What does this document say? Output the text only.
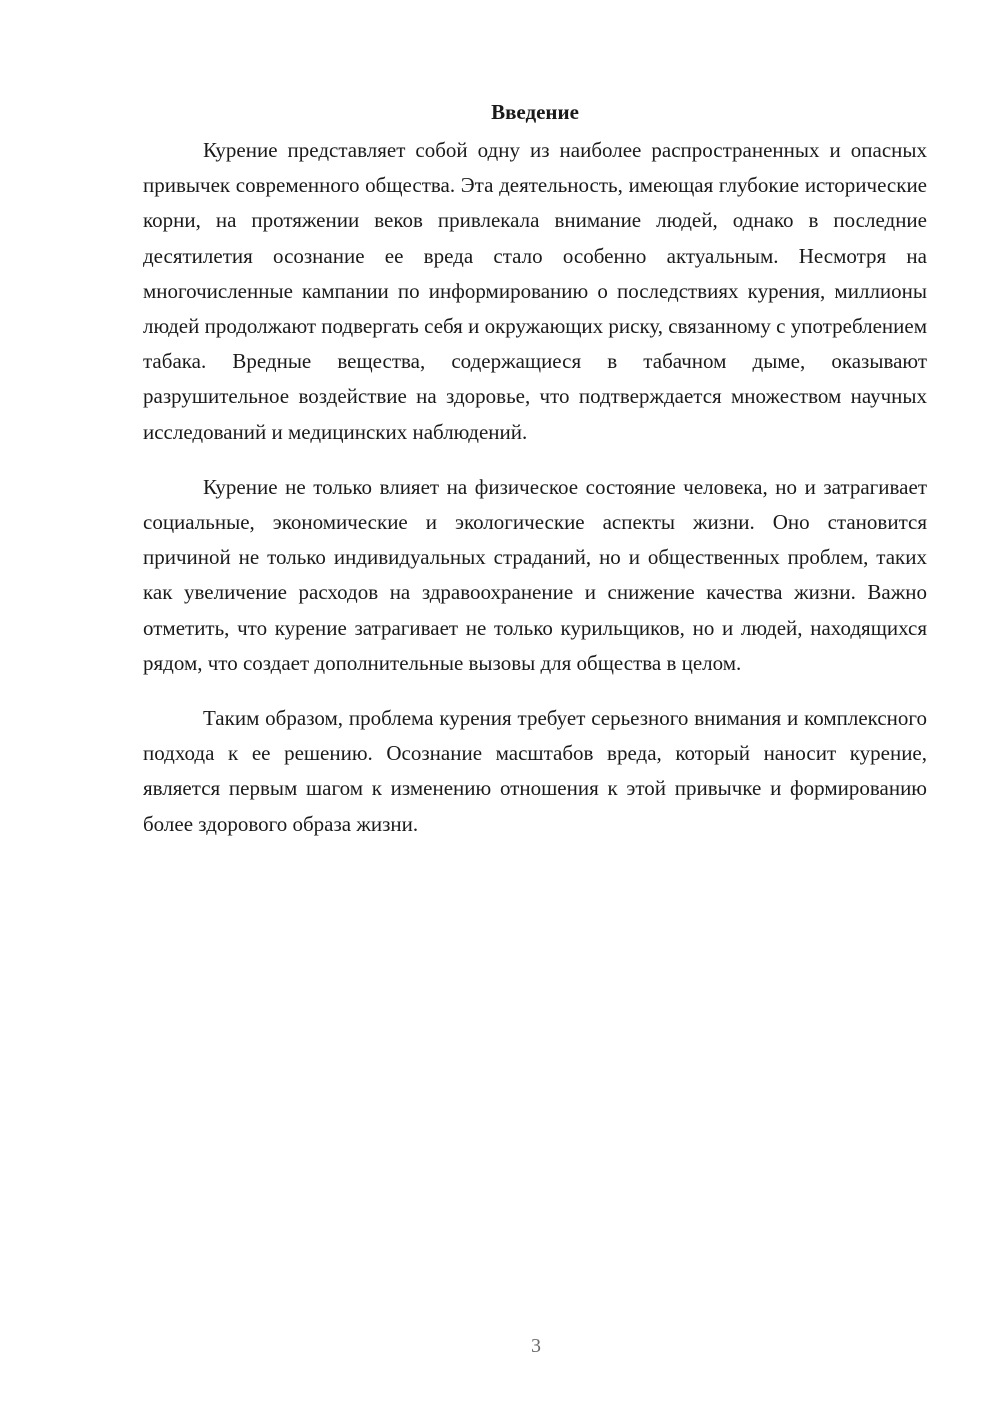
Введение

Курение представляет собой одну из наиболее распространенных и опасных привычек современного общества. Эта деятельность, имеющая глубокие исторические корни, на протяжении веков привлекала внимание людей, однако в последние десятилетия осознание ее вреда стало особенно актуальным. Несмотря на многочисленные кампании по информированию о последствиях курения, миллионы людей продолжают подвергать себя и окружающих риску, связанному с употреблением табака. Вредные вещества, содержащиеся в табачном дыме, оказывают разрушительное воздействие на здоровье, что подтверждается множеством научных исследований и медицинских наблюдений.

Курение не только влияет на физическое состояние человека, но и затрагивает социальные, экономические и экологические аспекты жизни. Оно становится причиной не только индивидуальных страданий, но и общественных проблем, таких как увеличение расходов на здравоохранение и снижение качества жизни. Важно отметить, что курение затрагивает не только курильщиков, но и людей, находящихся рядом, что создает дополнительные вызовы для общества в целом.

Таким образом, проблема курения требует серьезного внимания и комплексного подхода к ее решению. Осознание масштабов вреда, который наносит курение, является первым шагом к изменению отношения к этой привычке и формированию более здорового образа жизни.

3
